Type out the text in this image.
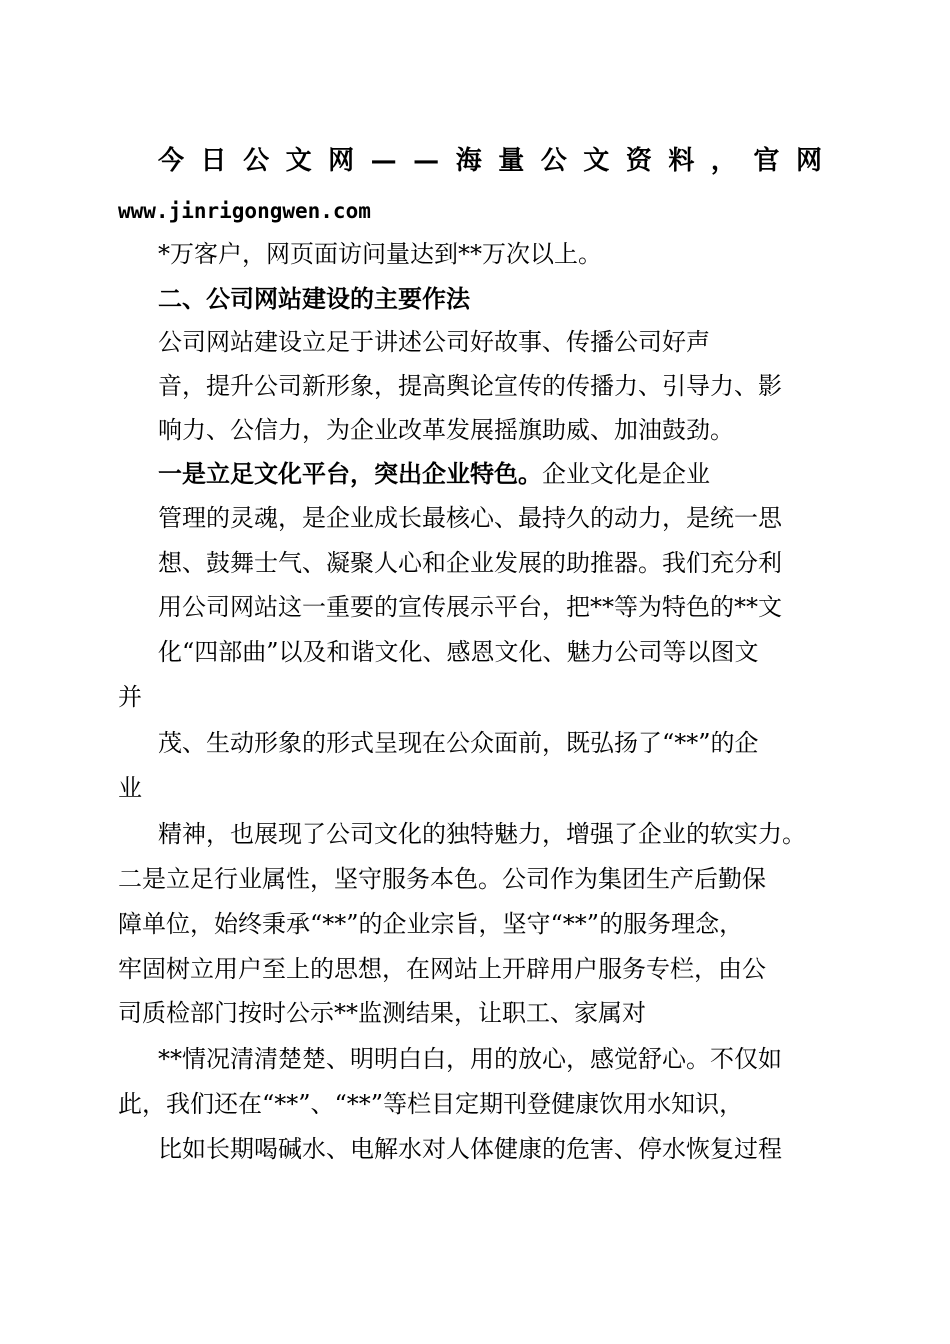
今 日 公 文 网 — — 海 量 公 文 资 料 ， 官 网
www.jinrigongwen.com
*万客户，网页面访问量达到**万次以上。
二、公司网站建设的主要作法
公司网站建设立足于讲述公司好故事、传播公司好声
音，提升公司新形象，提高舆论宣传的传播力、引导力、影
响力、公信力，为企业改革发展摇旗助威、加油鼓劲。
一是立足文化平台，突出企业特色。企业文化是企业
管理的灵魂，是企业成长最核心、最持久的动力，是统一思
想、鼓舞士气、凝聚人心和企业发展的助推器。我们充分利
用公司网站这一重要的宣传展示平台，把**等为特色的**文
化“四部曲”以及和谐文化、感恩文化、魅力公司等以图文
并
茂、生动形象的形式呈现在公众面前，既弘扬了“**”的企
业
精神，也展现了公司文化的独特魅力，增强了企业的软实力。
二是立足行业属性，坚守服务本色。公司作为集团生产后勤保
障单位，始终秉承“**”的企业宗旨，坚守“**”的服务理念，
牢固树立用户至上的思想，在网站上开辟用户服务专栏，由公
司质检部门按时公示**监测结果，让职工、家属对
**情况清清楚楚、明明白白，用的放心，感觉舒心。不仅如
此，我们还在“**”、“**”等栏目定期刊登健康饮用水知识，
比如长期喝碱水、电解水对人体健康的危害、停水恢复过程
